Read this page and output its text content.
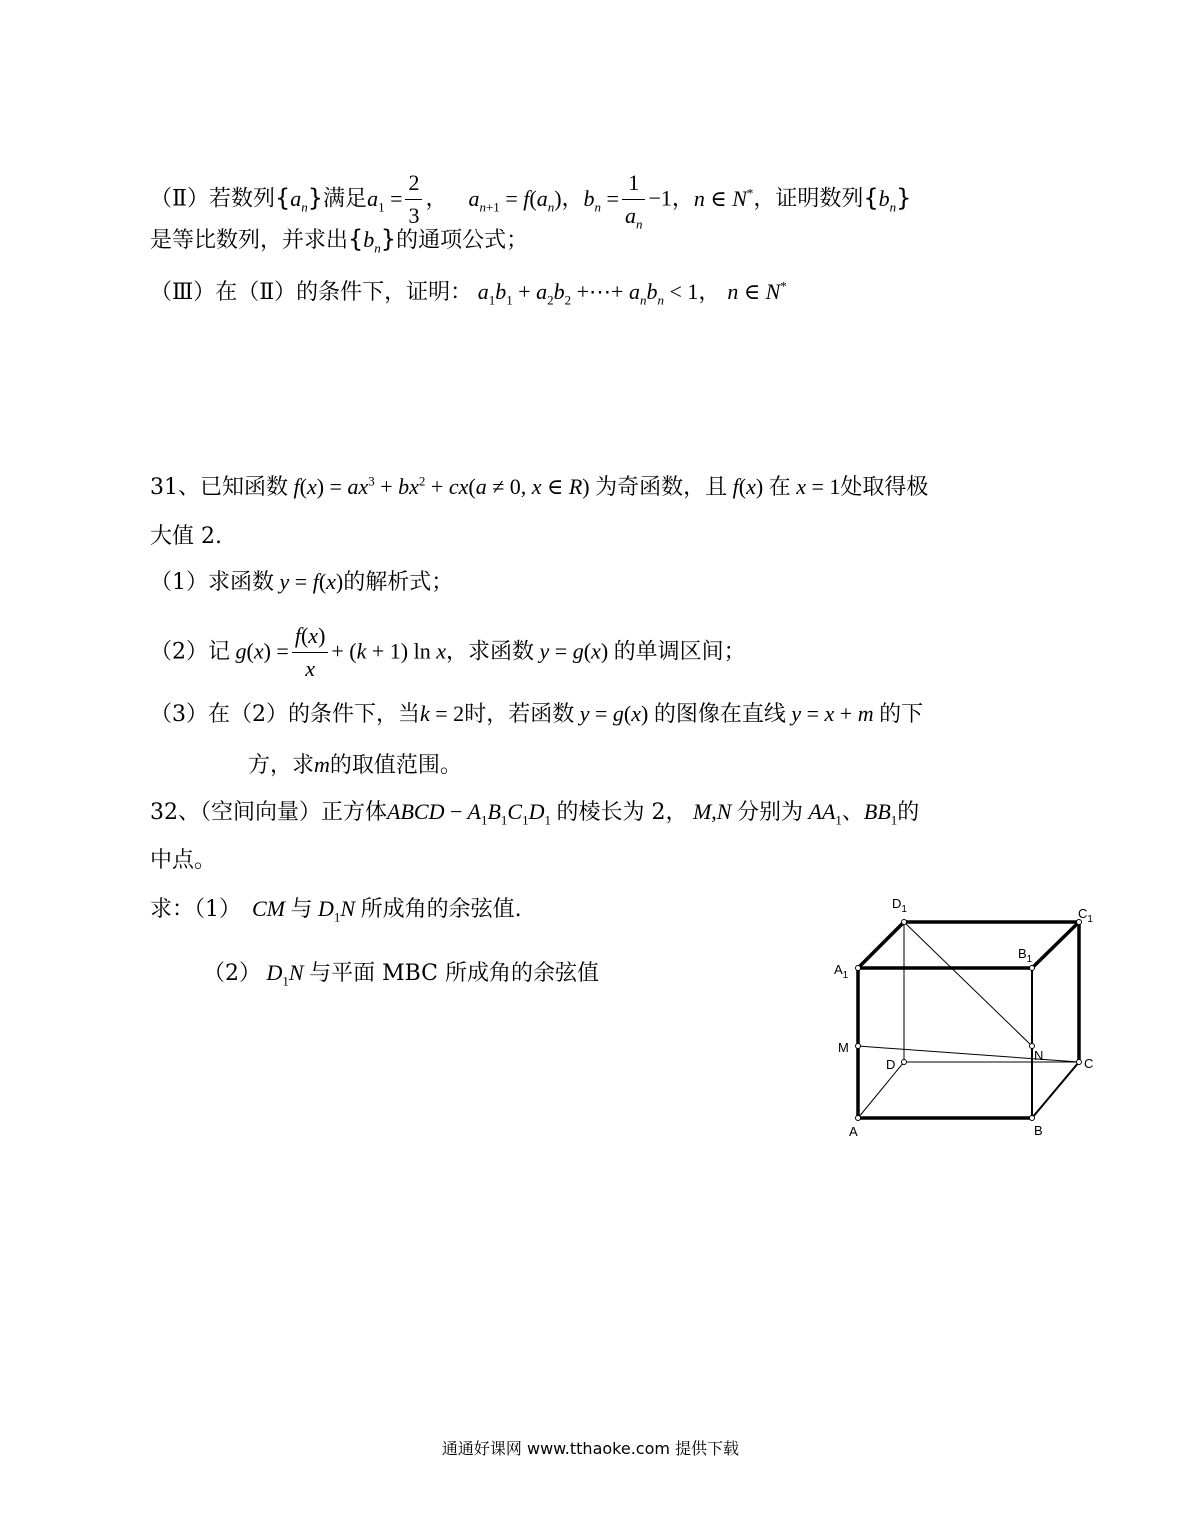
（Ⅱ）若数列$\{a_n\}$满足$a_1 = \frac{2}{3}$ ，   $a_{n+1} = f(a_n)$，$b_n = \frac{1}{a_n} -1$，n ∈ N*，证明数列$\{b_n\}$
是等比数列，并求出$\{b_n\}$的通项公式；
（Ⅲ）在（Ⅱ）的条件下，证明： $a_1b_1 + a_2b_2$ +⋯+ $a_nb_n < 1$， n ∈ N*
31、已知函数 $f(x) = ax^3 + bx^2 + cx(a \ne 0$, x ∈ R) 为奇函数，且 f(x) 在 x = 1处取得极
大值 2.
（1）求函数 y = f(x)的解析式；
（2）记 $g(x) = \frac{f(x)}{x} + (k + 1)$ ln x，求函数 y = g(x) 的单调区间；
（3）在（2）的条件下，当k = 2时，若函数 y = g(x) 的图像在直线 y = x + m 的下
方，求m的取值范围。
32、（空间向量）正方体ABCD − $A_1B_1C_1D_1$ 的棱长为 2， M,N 分别为 $AA_1$、$BB_1$的
中点。
求：（1）  CM 与 $D_1N$ 所成角的余弦值.
（2） $D_1N$ 与平面 MBC 所成角的余弦值
A	B
C
D
M
N
$A_1$
$B_1$
$C_1$
$D_1$
通通好课网 www.tthaoke.com 提供下载
